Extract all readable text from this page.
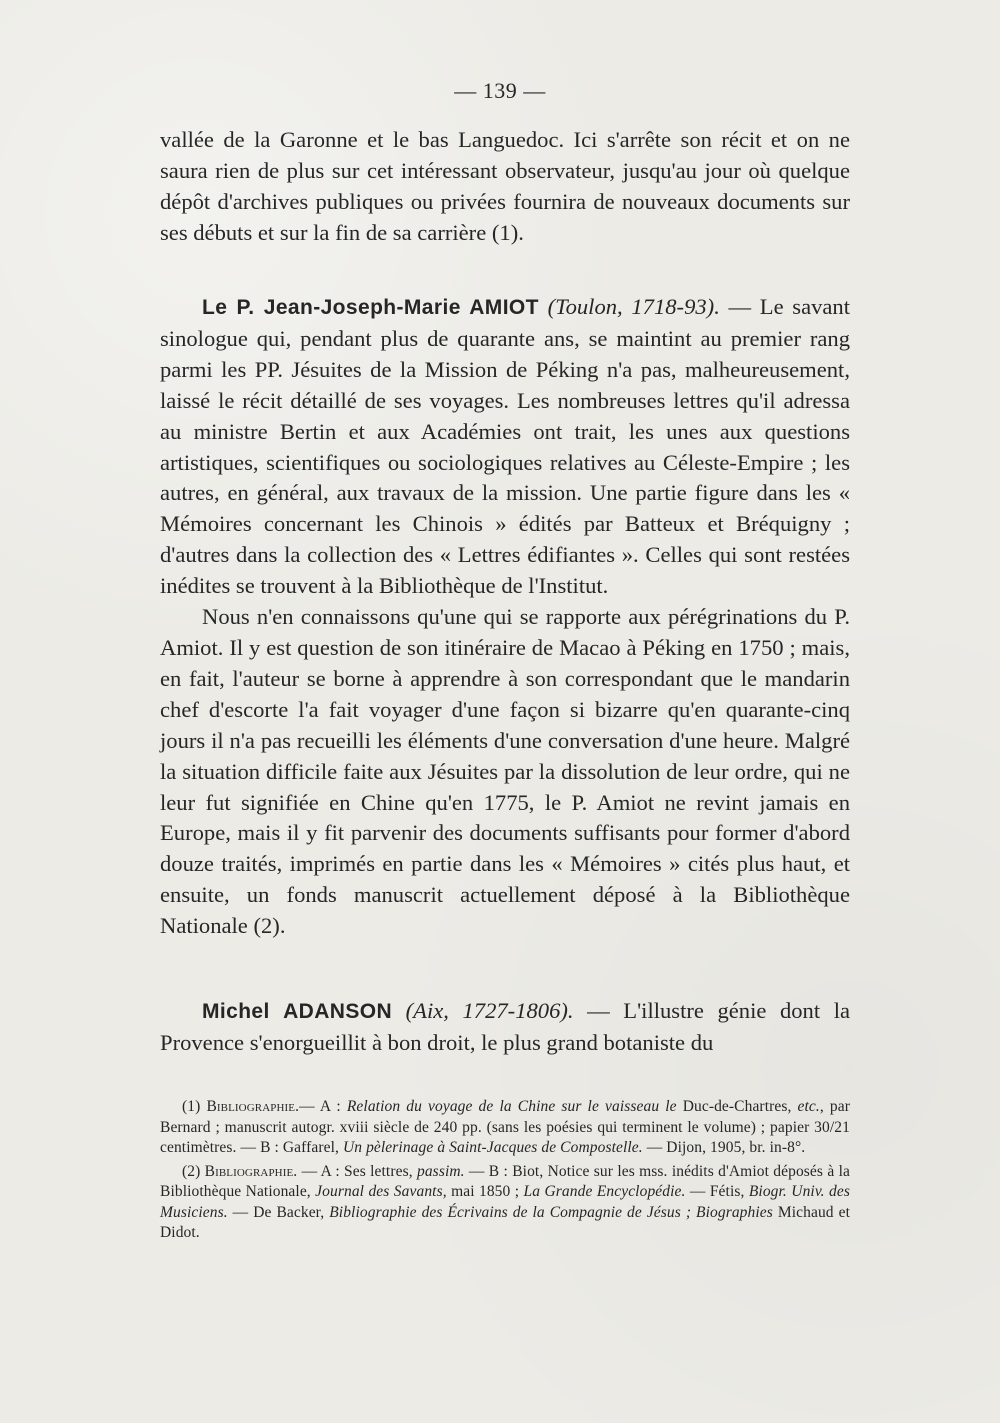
— 139 —

vallée de la Garonne et le bas Languedoc. Ici s'arrête son récit et on ne saura rien de plus sur cet intéressant observateur, jusqu'au jour où quelque dépôt d'archives publiques ou privées fournira de nouveaux documents sur ses débuts et sur la fin de sa carrière (1).

Le P. Jean-Joseph-Marie AMIOT (Toulon, 1718-93). — Le savant sinologue qui, pendant plus de quarante ans, se maintint au premier rang parmi les PP. Jésuites de la Mission de Péking n'a pas, malheureusement, laissé le récit détaillé de ses voyages. Les nombreuses lettres qu'il adressa au ministre Bertin et aux Académies ont trait, les unes aux questions artistiques, scientifiques ou sociologiques relatives au Céleste-Empire ; les autres, en général, aux travaux de la mission. Une partie figure dans les « Mémoires concernant les Chinois » édités par Batteux et Bréquigny ; d'autres dans la collection des « Lettres édifiantes ». Celles qui sont restées inédites se trouvent à la Bibliothèque de l'Institut.

Nous n'en connaissons qu'une qui se rapporte aux pérégrinations du P. Amiot. Il y est question de son itinéraire de Macao à Péking en 1750 ; mais, en fait, l'auteur se borne à apprendre à son correspondant que le mandarin chef d'escorte l'a fait voyager d'une façon si bizarre qu'en quarante-cinq jours il n'a pas recueilli les éléments d'une conversation d'une heure. Malgré la situation difficile faite aux Jésuites par la dissolution de leur ordre, qui ne leur fut signifiée en Chine qu'en 1775, le P. Amiot ne revint jamais en Europe, mais il y fit parvenir des documents suffisants pour former d'abord douze traités, imprimés en partie dans les « Mémoires » cités plus haut, et ensuite, un fonds manuscrit actuellement déposé à la Bibliothèque Nationale (2).

Michel ADANSON (Aix, 1727-1806). — L'illustre génie dont la Provence s'enorgueillit à bon droit, le plus grand botaniste du

(1) Bibliographie.— A : Relation du voyage de la Chine sur le vaisseau le Duc-de-Chartres, etc., par Bernard ; manuscrit autogr. xviii siècle de 240 pp. (sans les poésies qui terminent le volume) ; papier 30/21 centimètres. — B : Gaffarel, Un pèlerinage à Saint-Jacques de Compostelle. — Dijon, 1905, br. in-8°.

(2) Bibliographie. — A : Ses lettres, passim. — B : Biot, Notice sur les mss. inédits d'Amiot déposés à la Bibliothèque Nationale, Journal des Savants, mai 1850 ; La Grande Encyclopédie. — Fétis, Biogr. Univ. des Musiciens. — De Backer, Bibliographie des Écrivains de la Compagnie de Jésus ; Biographies Michaud et Didot.
